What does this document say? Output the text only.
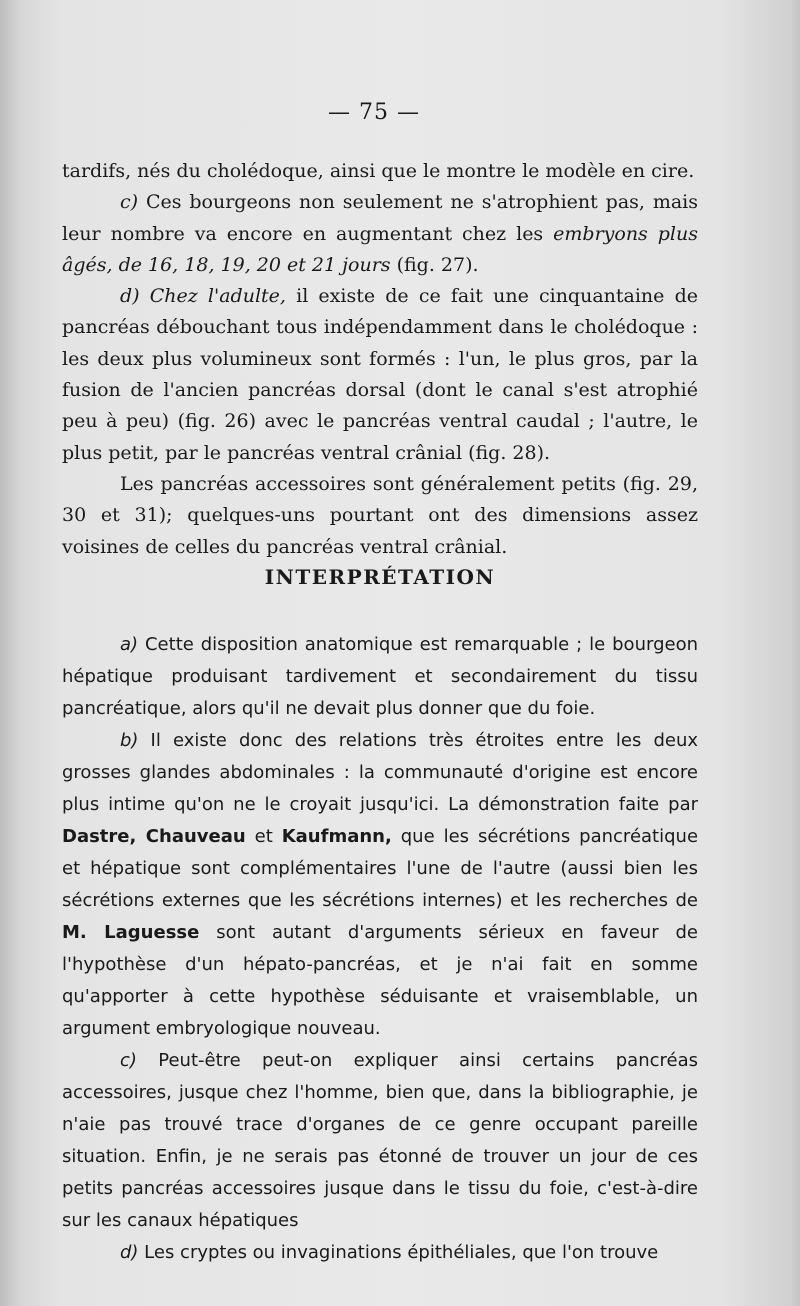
— 75 —

tardifs, nés du cholédoque, ainsi que le montre le modèle en cire.

c) Ces bourgeons non seulement ne s'atrophient pas, mais leur nombre va encore en augmentant chez les embryons plus âgés, de 16, 18, 19, 20 et 21 jours (fig. 27).

d) Chez l'adulte, il existe de ce fait une cinquantaine de pancréas débouchant tous indépendamment dans le cholédoque : les deux plus volumineux sont formés : l'un, le plus gros, par la fusion de l'ancien pancréas dorsal (dont le canal s'est atrophié peu à peu) (fig. 26) avec le pancréas ventral caudal ; l'autre, le plus petit, par le pancréas ventral crânial (fig. 28).

Les pancréas accessoires sont généralement petits (fig. 29, 30 et 31); quelques-uns pourtant ont des dimensions assez voisines de celles du pancréas ventral crânial.

INTERPRÉTATION

a) Cette disposition anatomique est remarquable ; le bourgeon hépatique produisant tardivement et secondairement du tissu pancréatique, alors qu'il ne devait plus donner que du foie.

b) Il existe donc des relations très étroites entre les deux grosses glandes abdominales : la communauté d'origine est encore plus intime qu'on ne le croyait jusqu'ici. La démonstration faite par Dastre, Chauveau et Kaufmann, que les sécrétions pancréatique et hépatique sont complémentaires l'une de l'autre (aussi bien les sécrétions externes que les sécrétions internes) et les recherches de M. Laguesse sont autant d'arguments sérieux en faveur de l'hypothèse d'un hépato-pancréas, et je n'ai fait en somme qu'apporter à cette hypothèse séduisante et vraisemblable, un argument embryologique nouveau.

c) Peut-être peut-on expliquer ainsi certains pancréas accessoires, jusque chez l'homme, bien que, dans la bibliographie, je n'aie pas trouvé trace d'organes de ce genre occupant pareille situation. Enfin, je ne serais pas étonné de trouver un jour de ces petits pancréas accessoires jusque dans le tissu du foie, c'est-à-dire sur les canaux hépatiques

d) Les cryptes ou invaginations épithéliales, que l'on trouve
